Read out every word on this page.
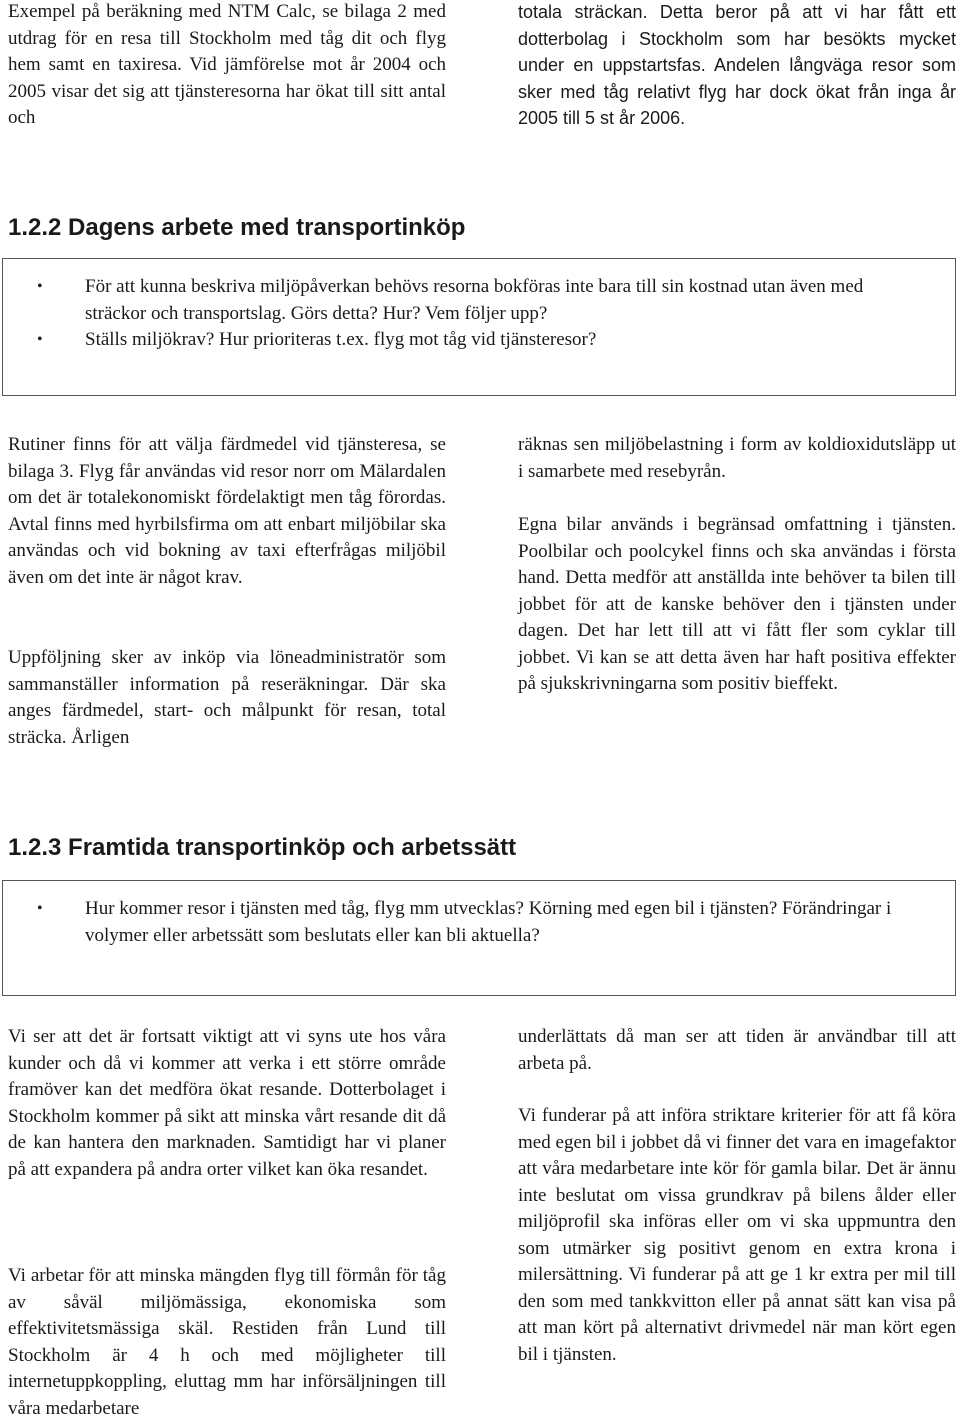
Exempel på beräkning med NTM Calc, se bilaga 2 med utdrag för en resa till Stockholm med tåg dit och flyg hem samt en taxiresa. Vid jämförelse mot år 2004 och 2005 visar det sig att tjänsteresorna har ökat till sitt antal och

totala sträckan. Detta beror på att vi har fått ett dotterbolag i Stockholm som har besökts mycket under en uppstartsfas. Andelen långväga resor som sker med tåg relativt flyg har dock ökat från inga år 2005 till 5 st år 2006.

1.2.2 Dagens arbete med transportinköp
• För att kunna beskriva miljöpåverkan behövs resorna bokföras inte bara till sin kostnad utan även med sträckor och transportslag. Görs detta? Hur? Vem följer upp?
• Ställs miljökrav? Hur prioriteras t.ex. flyg mot tåg vid tjänsteresor?

Rutiner finns för att välja färdmedel vid tjänsteresa, se bilaga 3. Flyg får användas vid resor norr om Mälardalen om det är totalekonomiskt fördelaktigt men tåg förordas. Avtal finns med hyrbilsfirma om att enbart miljöbilar ska användas och vid bokning av taxi efterfrågas miljöbil även om det inte är något krav.

Uppföljning sker av inköp via löneadministratör som sammanställer information på reseräkningar. Där ska anges färdmedel, start- och målpunkt för resan, total sträcka. Årligen

räknas sen miljöbelastning i form av koldioxidutsläpp ut i samarbete med resebyrån.

Egna bilar används i begränsad omfattning i tjänsten. Poolbilar och poolcykel finns och ska användas i första hand. Detta medför att anställda inte behöver ta bilen till jobbet för att de kanske behöver den i tjänsten under dagen. Det har lett till att vi fått fler som cyklar till jobbet. Vi kan se att detta även har haft positiva effekter på sjukskrivningarna som positiv bieffekt.

1.2.3 Framtida transportinköp och arbetssätt
• Hur kommer resor i tjänsten med tåg, flyg mm utvecklas? Körning med egen bil i tjänsten? Förändringar i volymer eller arbetssätt som beslutats eller kan bli aktuella?

Vi ser att det är fortsatt viktigt att vi syns ute hos våra kunder och då vi kommer att verka i ett större område framöver kan det medföra ökat resande. Dotterbolaget i Stockholm kommer på sikt att minska vårt resande dit då de kan hantera den marknaden. Samtidigt har vi planer på att expandera på andra orter vilket kan öka resandet.

Vi arbetar för att minska mängden flyg till förmån för tåg av såväl miljömässiga, ekonomiska som effektivitetsmässiga skäl. Restiden från Lund till Stockholm är 4 h och med möjligheter till internetuppkoppling, eluttag mm har införsäljningen till våra medarbetare

underlättats då man ser att tiden är användbar till att arbeta på.

Vi funderar på att införa striktare kriterier för att få köra med egen bil i jobbet då vi finner det vara en imagefaktor att våra medarbetare inte kör för gamla bilar. Det är ännu inte beslutat om vissa grundkrav på bilens ålder eller miljöprofil ska införas eller om vi ska uppmuntra den som utmärker sig positivt genom en extra krona i milersättning. Vi funderar på att ge 1 kr extra per mil till den som med tankkvitton eller på annat sätt kan visa på att man kört på alternativt drivmedel när man kört egen bil i tjänsten.
